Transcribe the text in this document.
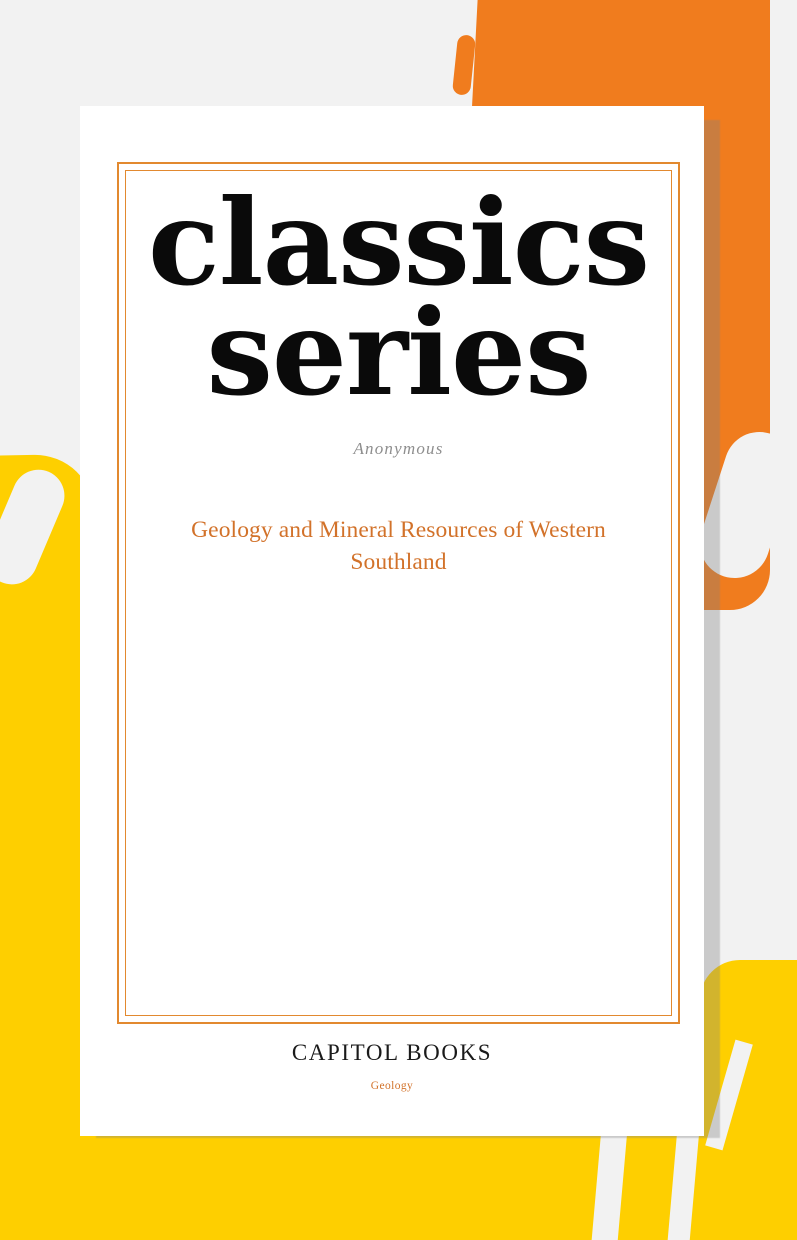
classics
series
Anonymous
Geology and Mineral Resources of Western Southland
CAPITOL BOOKS
Geology
